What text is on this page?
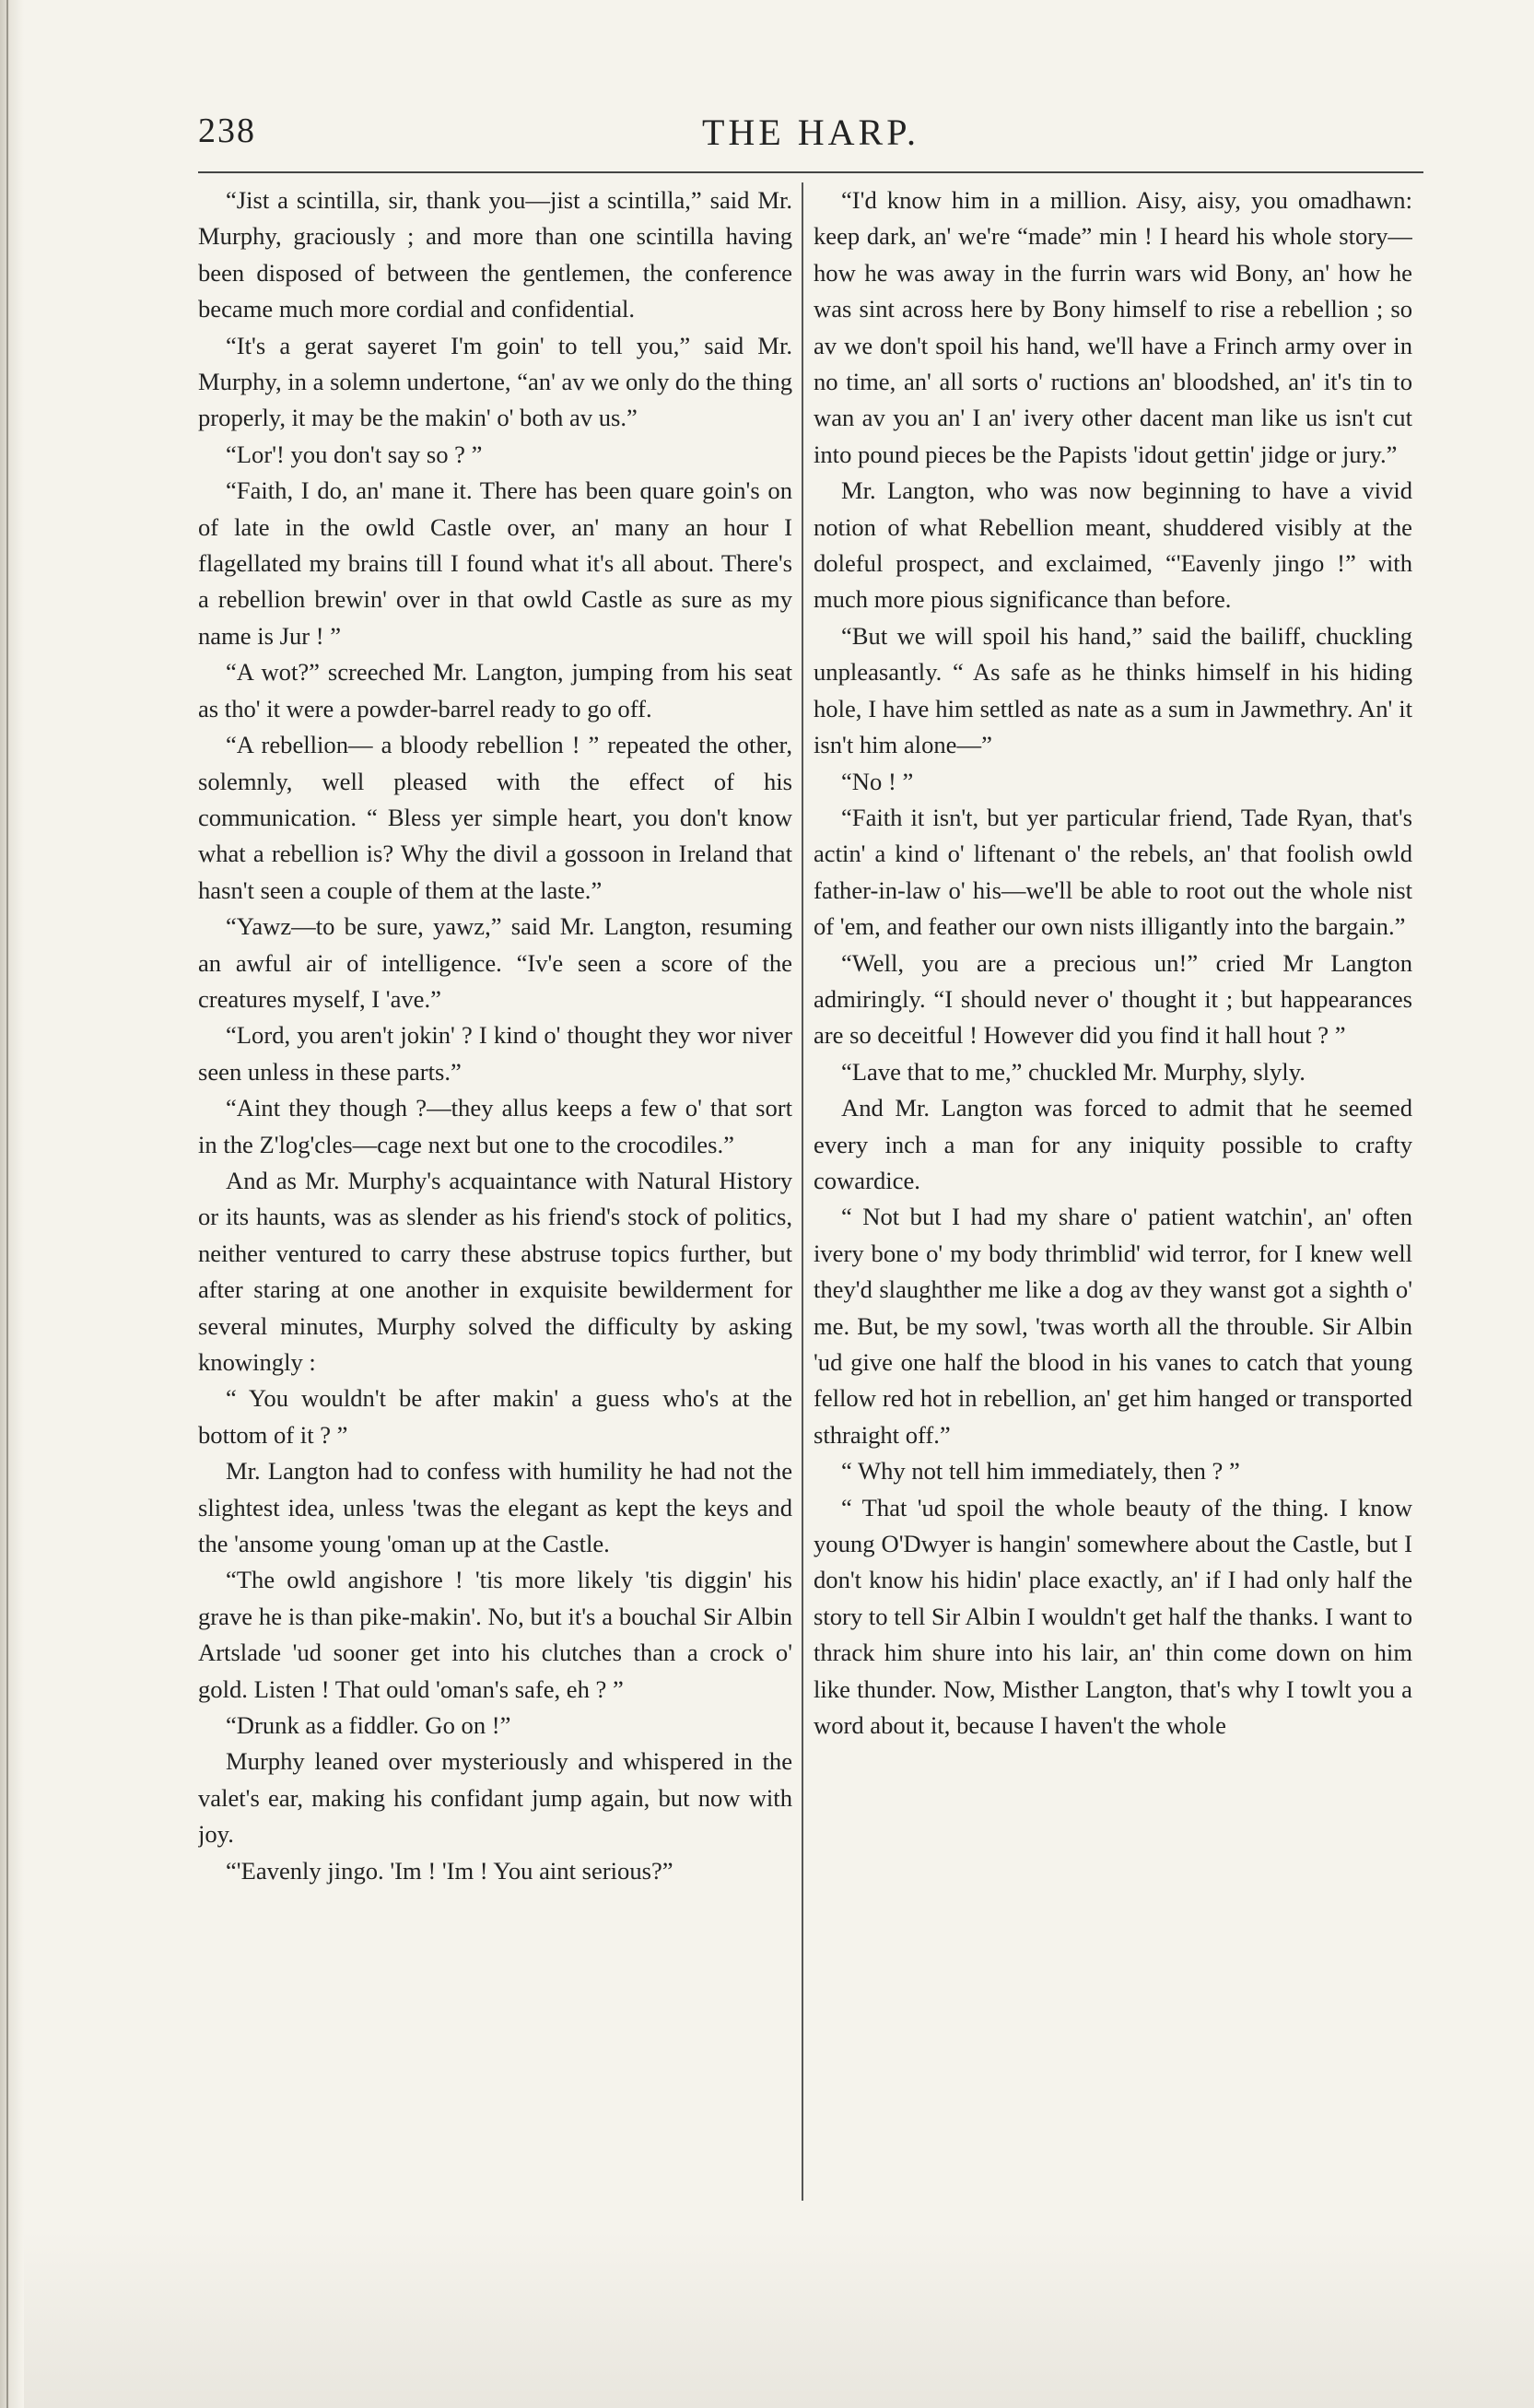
THE HARP.
238

“Jist a scintilla, sir, thank you—jist a scintilla,” said Mr. Murphy, graciously ; and more than one scintilla having been disposed of between the gentlemen, the conference became much more cordial and confidential.

“It's a gerat sayeret I'm goin' to tell you,” said Mr. Murphy, in a solemn undertone, “an' av we only do the thing properly, it may be the makin' o' both av us.”

“Lor'! you don't say so ? ”

“Faith, I do, an' mane it. There has been quare goin's on of late in the owld Castle over, an' many an hour I flagellated my brains till I found what it's all about. There's a rebellion brewin' over in that owld Castle as sure as my name is Jur ! ”

“A wot?” screeched Mr. Langton, jumping from his seat as tho' it were a powder-barrel ready to go off.

“A rebellion— a bloody rebellion ! ” repeated the other, solemnly, well pleased with the effect of his communication. “ Bless yer simple heart, you don't know what a rebellion is? Why the divil a gossoon in Ireland that hasn't seen a couple of them at the laste.”

“Yawz—to be sure, yawz,” said Mr. Langton, resuming an awful air of intelligence. “Iv'e seen a score of the creatures myself, I 'ave.”

“Lord, you aren't jokin' ? I kind o' thought they wor niver seen unless in these parts.”

“Aint they though ?—they allus keeps a few o' that sort in the Z'log'cles—cage next but one to the crocodiles.”

And as Mr. Murphy's acquaintance with Natural History or its haunts, was as slender as his friend's stock of politics, neither ventured to carry these abstruse topics further, but after staring at one another in exquisite bewilderment for several minutes, Murphy solved the difficulty by asking knowingly :

“ You wouldn't be after makin' a guess who's at the bottom of it ? ”

Mr. Langton had to confess with humility he had not the slightest idea, unless 'twas the elegant as kept the keys and the 'ansome young 'oman up at the Castle.

“The owld angishore ! 'tis more likely 'tis diggin' his grave he is than pike-makin'. No, but it's a bouchal Sir Albin Artslade 'ud sooner get into his clutches than a crock o' gold. Listen ! That ould 'oman's safe, eh ? ”

“Drunk as a fiddler. Go on !”

Murphy leaned over mysteriously and whispered in the valet's ear, making his confidant jump again, but now with joy.

“'Eavenly jingo. 'Im ! 'Im ! You aint serious?”

“I'd know him in a million. Aisy, aisy, you omadhawn: keep dark, an' we're “made” min ! I heard his whole story—how he was away in the furrin wars wid Bony, an' how he was sint across here by Bony himself to rise a rebellion ; so av we don't spoil his hand, we'll have a Frinch army over in no time, an' all sorts o' ructions an' bloodshed, an' it's tin to wan av you an' I an' ivery other dacent man like us isn't cut into pound pieces be the Papists 'idout gettin' jidge or jury.”

Mr. Langton, who was now beginning to have a vivid notion of what Rebellion meant, shuddered visibly at the doleful prospect, and exclaimed, “'Eavenly jingo !” with much more pious significance than before.

“But we will spoil his hand,” said the bailiff, chuckling unpleasantly. “ As safe as he thinks himself in his hiding hole, I have him settled as nate as a sum in Jawmethry. An' it isn't him alone—”

“No ! ”

“Faith it isn't, but yer particular friend, Tade Ryan, that's actin' a kind o' liftenant o' the rebels, an' that foolish owld father-in-law o' his—we'll be able to root out the whole nist of 'em, and feather our own nists illigantly into the bargain.”

“Well, you are a precious un!” cried Mr Langton admiringly. “I should never o' thought it ; but happearances are so deceitful ! However did you find it hall hout ? ”

“Lave that to me,” chuckled Mr. Murphy, slyly.

And Mr. Langton was forced to admit that he seemed every inch a man for any iniquity possible to crafty cowardice.

“ Not but I had my share o' patient watchin', an' often ivery bone o' my body thrimblid' wid terror, for I knew well they'd slaughther me like a dog av they wanst got a sighth o' me. But, be my sowl, 'twas worth all the throuble. Sir Albin 'ud give one half the blood in his vanes to catch that young fellow red hot in rebellion, an' get him hanged or transported sthraight off.”

“ Why not tell him immediately, then ? ”

“ That 'ud spoil the whole beauty of the thing. I know young O'Dwyer is hangin' somewhere about the Castle, but I don't know his hidin' place exactly, an' if I had only half the story to tell Sir Albin I wouldn't get half the thanks. I want to thrack him shure into his lair, an' thin come down on him like thunder. Now, Misther Langton, that's why I towlt you a word about it, because I haven't the whole
